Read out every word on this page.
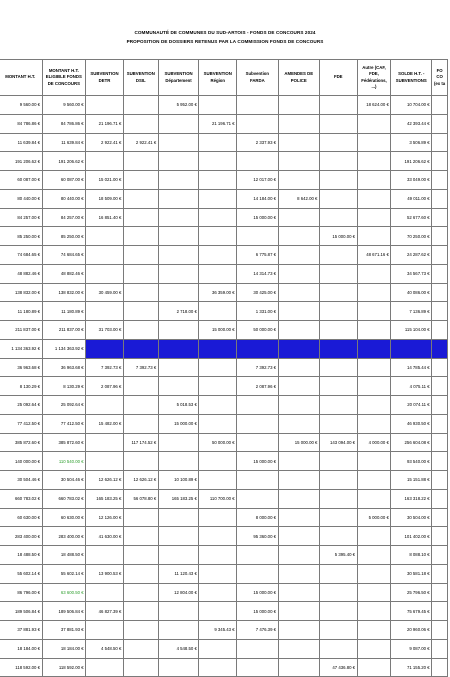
COMMUNAUTÉ DE COMMUNES DU SUD-ARTOIS - FONDS DE CONCOURS 2024
PROPOSITION DE DOSSIERS RETENUS PAR LA COMMISSION FONDS DE CONCOURS
MONTANT H.T.	MONTANT H.T. ELIGIBLE FONDS DE CONCOURS	SUBVENTION DETR	SUBVENTION DSIL	SUBVENTION Département	SUBVENTION Région	Subvention FARDA	AMENDES DE POLICE	FDE	Autre (CAF, FDE, Fédérations, ...)	SOLDE H.T. - SUBVENTIONS	FO CO (ex ta
9 560.00 €	9 560.00 €			5 952.00 €					18 624.00 €	10 704.00 €	
84 786.86 €	84 786.86 €	21 196.71 €			21 196.71 €					42 393.44 €	
11 639.84 €	11 639.84 €	2 922.41 €	2 922.41 €			2 337.93 €				3 506.89 €	
191 206.62 €	191 206.62 €									191 206.62 €	
60 087.00 €	60 087.00 €	15 021.00 €				12 017.00 €				33 049.00 €	
80 440.00 €	80 440.00 €	18 509.00 €				14 184.00 €	8 642.00 €			49 011.00 €	
84 257.00 €	84 257.00 €	16 851.40 €				15 000.00 €				52 677.60 €	
85 250.00 €	85 250.00 €							15 000.00 €		70 250.00 €	
74 684.65 €	74 684.65 €					6 775.87 €			48 671.16 €	24 287.62 €	
48 882.46 €	48 882.46 €					14 314.73 €				34 567.73 €	
138 832.00 €	138 832.00 €	30 459.00 €			36 359.00 €	30 425.00 €				40 086.00 €	
11 180.89 €	11 180.89 €			2 718.00 €		1 331.00 €				7 136.89 €	
211 837.00 €	211 837.00 €	31 703.00 €			15 000.00 €	50 000.00 €				115 104.00 €	
1 134 363.92 €	1 134 363.92 €										
36 963.68 €	36 963.68 €	7 392.73 €	7 392.73 €			7 392.73 €				14 785.44 €	
8 130.29 €	8 130.29 €	2 087.96 €				2 087.96 €				4 075.11 €	
25 092.64 €	25 092.64 €			5 018.53 €						20 074.11 €	
77 412.50 €	77 412.50 €	15 482.00 €		15 000.00 €						46 930.50 €	
385 872.60 €	385 872.60 €		117 174.52 €		50 000.00 €		15 000.00 €	143 094.00 €	4 000.00 €	256 604.08 €	
140 000.00 €	110 540.00 €					15 000.00 €				93 540.00 €	
30 504.46 €	30 504.46 €	12 626.12 €	12 626.12 €	10 100.89 €						15 151.88 €	
660 783.02 €	660 783.02 €	165 183.25 €	56 078.80 €	165 183.25 €	110 700.00 €					163 318.22 €	
60 630.00 €	60 630.00 €	12 126.00 €				8 000.00 €			5 000.00 €	30 504.00 €	
283 400.00 €	283 400.00 €	41 630.00 €				95 360.00 €				101 402.00 €	
18 488.50 €	18 488.50 €							5 395.40 €		8 088.10 €	
55 602.14 €	55 602.14 €	13 900.53 €		11 120.43 €						30 581.18 €	
86 796.00 €	63 600.50 €			12 804.00 €		15 000.00 €				25 796.50 €	
189 506.84 €	189 506.84 €	46 827.39 €				15 000.00 €				75 679.45 €	
37 881.93 €	37 881.93 €				9 345.43 €	7 476.39 €				20 960.06 €	
18 184.00 €	18 184.00 €	4 548.50 €		4 548.50 €						9 087.00 €	
118 592.00 €	118 592.00 €							47 436.80 €		71 155.20 €	
